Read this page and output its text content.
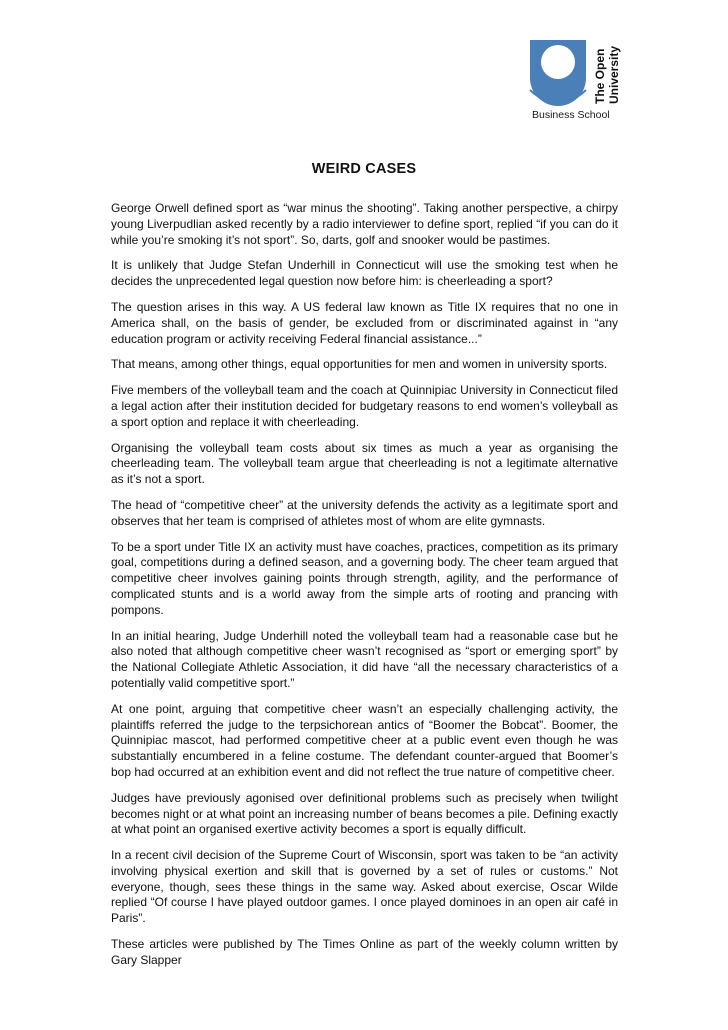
The Open University
Business School
WEIRD CASES

George Orwell defined sport as “war minus the shooting”. Taking another perspective, a chirpy young Liverpudlian asked recently by a radio interviewer to define sport, replied “if you can do it while you’re smoking it’s not sport”. So, darts, golf and snooker would be pastimes.

It is unlikely that Judge Stefan Underhill in Connecticut will use the smoking test when he decides the unprecedented legal question now before him: is cheerleading a sport?

The question arises in this way. A US federal law known as Title IX requires that no one in America shall, on the basis of gender, be excluded from or discriminated against in “any education program or activity receiving Federal financial assistance...”

That means, among other things, equal opportunities for men and women in university sports.

Five members of the volleyball team and the coach at Quinnipiac University in Connecticut filed a legal action after their institution decided for budgetary reasons to end women’s volleyball as a sport option and replace it with cheerleading.

Organising the volleyball team costs about six times as much a year as organising the cheerleading team. The volleyball team argue that cheerleading is not a legitimate alternative as it’s not a sport.

The head of “competitive cheer” at the university defends the activity as a legitimate sport and observes that her team is comprised of athletes most of whom are elite gymnasts.

To be a sport under Title IX an activity must have coaches, practices, competition as its primary goal, competitions during a defined season, and a governing body. The cheer team argued that competitive cheer involves gaining points through strength, agility, and the performance of complicated stunts and is a world away from the simple arts of rooting and prancing with pompons.

In an initial hearing, Judge Underhill noted the volleyball team had a reasonable case but he also noted that although competitive cheer wasn’t recognised as “sport or emerging sport” by the National Collegiate Athletic Association, it did have “all the necessary characteristics of a potentially valid competitive sport.”

At one point, arguing that competitive cheer wasn’t an especially challenging activity, the plaintiffs referred the judge to the terpsichorean antics of “Boomer the Bobcat”. Boomer, the Quinnipiac mascot, had performed competitive cheer at a public event even though he was substantially encumbered in a feline costume. The defendant counter-argued that Boomer’s bop had occurred at an exhibition event and did not reflect the true nature of competitive cheer.

Judges have previously agonised over definitional problems such as precisely when twilight becomes night or at what point an increasing number of beans becomes a pile. Defining exactly at what point an organised exertive activity becomes a sport is equally difficult.

In a recent civil decision of the Supreme Court of Wisconsin, sport was taken to be “an activity involving physical exertion and skill that is governed by a set of rules or customs.” Not everyone, though, sees these things in the same way. Asked about exercise, Oscar Wilde replied “Of course I have played outdoor games. I once played dominoes in an open air café in Paris”.

These articles were published by The Times Online as part of the weekly column written by Gary Slapper
